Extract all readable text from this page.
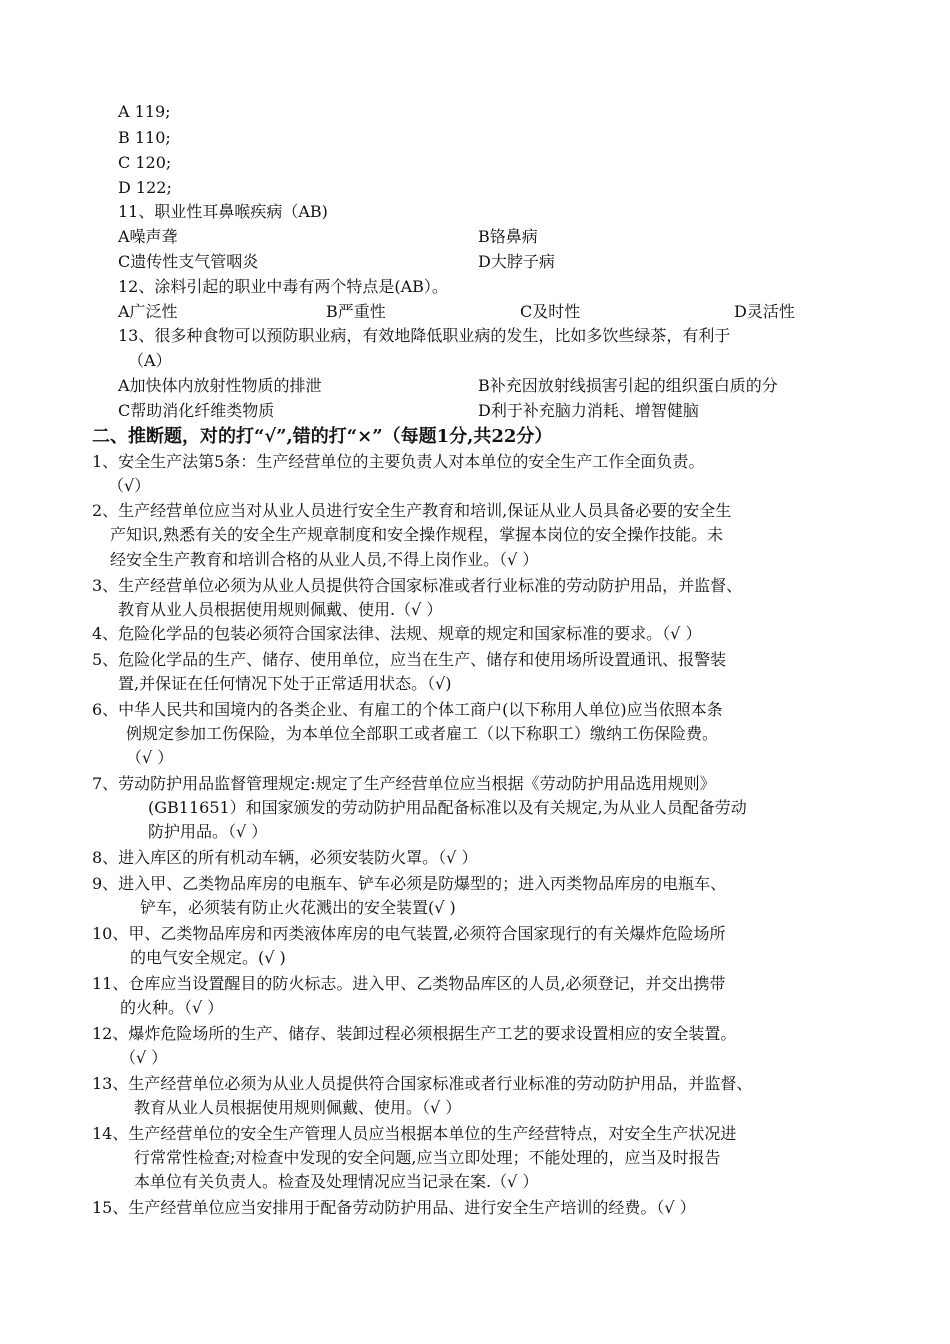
A 119;
B 110;
C 120;
D 122;
11、职业性耳鼻喉疾病（AB)
A噪声聋	B铬鼻病
C遗传性支气管咽炎	D大脖子病
12、涂料引起的职业中毒有两个特点是(AB）。
A广泛性	B严重性	C及时性	D灵活性
13、很多种食物可以预防职业病，有效地降低职业病的发生，比如多饮些绿茶，有利于
（A）
A加快体内放射性物质的排泄	B补充因放射线损害引起的组织蛋白质的分
C帮助消化纤维类物质	D利于补充脑力消耗、增智健脑
二、推断题，对的打“√”,错的打“×”（每题1分,共22分）
1、安全生产法第5条：生产经营单位的主要负责人对本单位的安全生产工作全面负责。
（√）
2、生产经营单位应当对从业人员进行安全生产教育和培训,保证从业人员具备必要的安全生
产知识,熟悉有关的安全生产规章制度和安全操作规程，掌握本岗位的安全操作技能。未
经安全生产教育和培训合格的从业人员,不得上岗作业。（√ ）
3、生产经营单位必须为从业人员提供符合国家标准或者行业标准的劳动防护用品，并监督、
教育从业人员根据使用规则佩戴、使用.（√ ）
4、危险化学品的包装必须符合国家法律、法规、规章的规定和国家标准的要求。（√ ）
5、危险化学品的生产、储存、使用单位，应当在生产、储存和使用场所设置通讯、报警装
置,并保证在任何情况下处于正常适用状态。（√)
6、中华人民共和国境内的各类企业、有雇工的个体工商户(以下称用人单位)应当依照本条
例规定参加工伤保险，为本单位全部职工或者雇工（以下称职工）缴纳工伤保险费。
（√ ）
7、劳动防护用品监督管理规定:规定了生产经营单位应当根据《劳动防护用品选用规则》
(GB11651）和国家颁发的劳动防护用品配备标准以及有关规定,为从业人员配备劳动
防护用品。（√ ）
8、进入库区的所有机动车辆，必须安装防火罩。（√ ）
9、进入甲、乙类物品库房的电瓶车、铲车必须是防爆型的；进入丙类物品库房的电瓶车、
铲车，必须装有防止火花溅出的安全装置(√ )
10、甲、乙类物品库房和丙类液体库房的电气装置,必须符合国家现行的有关爆炸危险场所
的电气安全规定。(√ )
11、仓库应当设置醒目的防火标志。进入甲、乙类物品库区的人员,必须登记，并交出携带
的火种。（√ ）
12、爆炸危险场所的生产、储存、装卸过程必须根据生产工艺的要求设置相应的安全装置。
（√ ）
13、生产经营单位必须为从业人员提供符合国家标准或者行业标准的劳动防护用品，并监督、
教育从业人员根据使用规则佩戴、使用。（√ ）
14、生产经营单位的安全生产管理人员应当根据本单位的生产经营特点，对安全生产状况进
行常常性检查;对检查中发现的安全问题,应当立即处理；不能处理的，应当及时报告
本单位有关负责人。检查及处理情况应当记录在案.（√ ）
15、生产经营单位应当安排用于配备劳动防护用品、进行安全生产培训的经费。（√ ）
